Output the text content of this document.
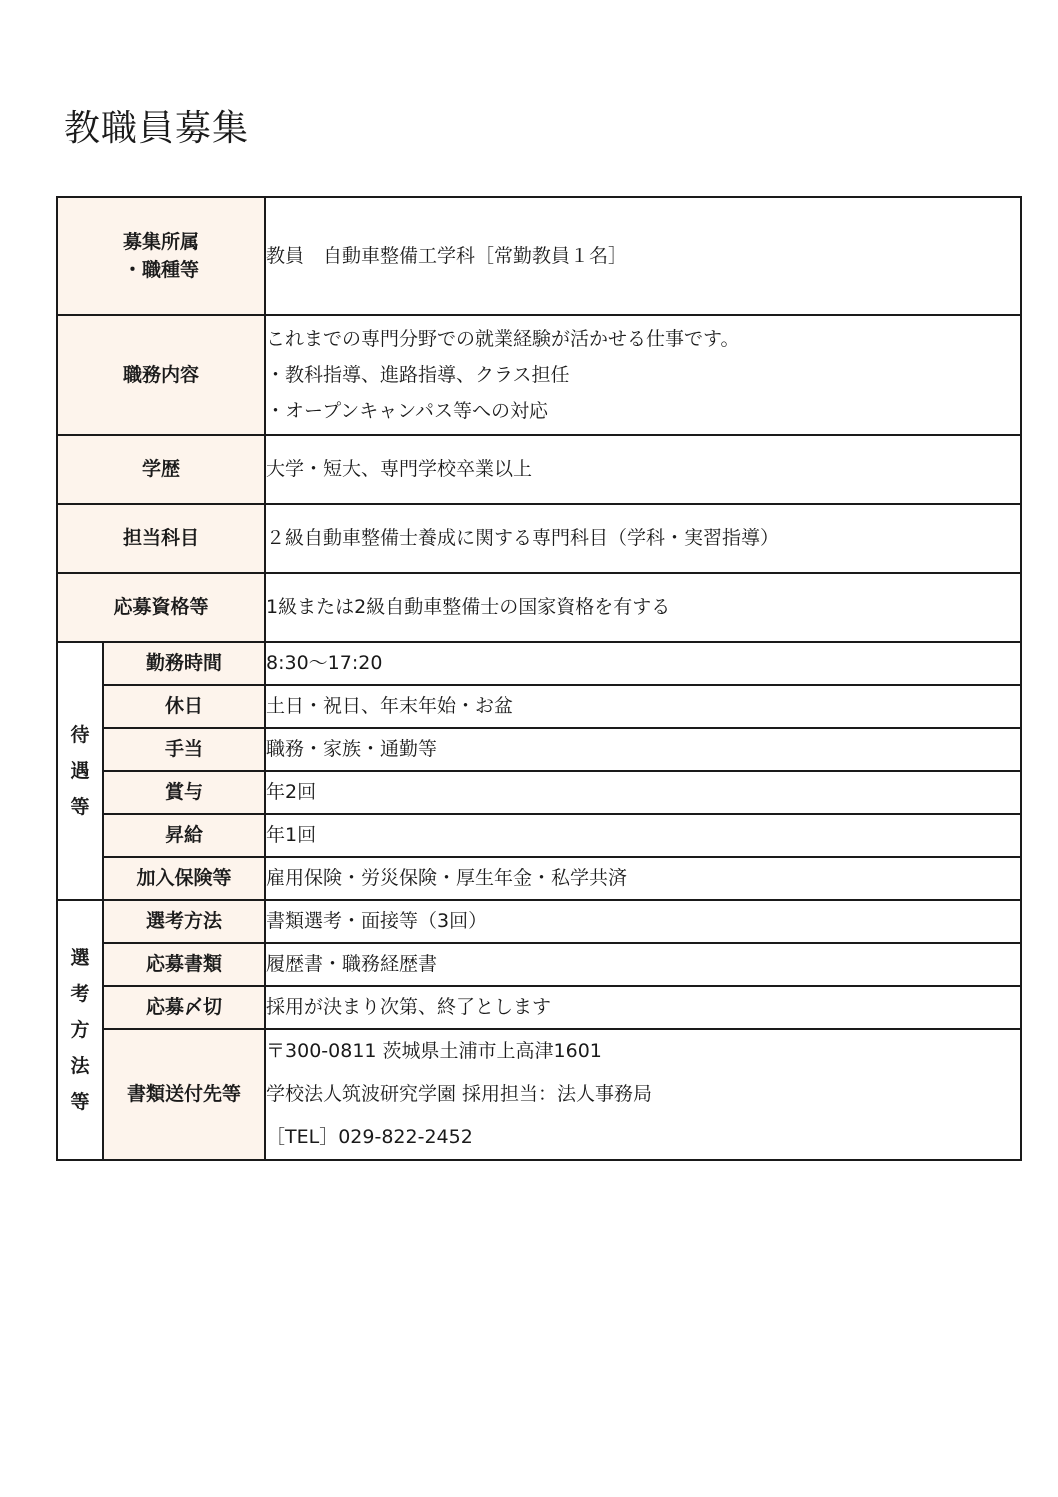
教職員募集
募集所属
・職種等		教員　自動車整備工学科［常勤教員１名］
職務内容		これまでの専門分野での就業経験が活かせる仕事です。
・教科指導、進路指導、クラス担任
・オープンキャンパス等への対応

学歴		大学・短大、専門学校卒業以上
担当科目		２級自動車整備士養成に関する専門科目（学科・実習指導）
応募資格等		1級または2級自動車整備士の国家資格を有する
待遇等	勤務時間	8:30～17:20
	休日	土日・祝日、年末年始・お盆
	手当	職務・家族・通勤等
	賞与	年2回
	昇給	年1回
	加入保険等	雇用保険・労災保険・厚生年金・私学共済
選考方法等	選考方法	書類選考・面接等（3回）
	応募書類	履歴書・職務経歴書
	応募〆切	採用が決まり次第、終了とします
	書類送付先等	〒300-0811 茨城県土浦市上高津1601
学校法人筑波研究学園 採用担当：法人事務局
［TEL］029-822-2452
